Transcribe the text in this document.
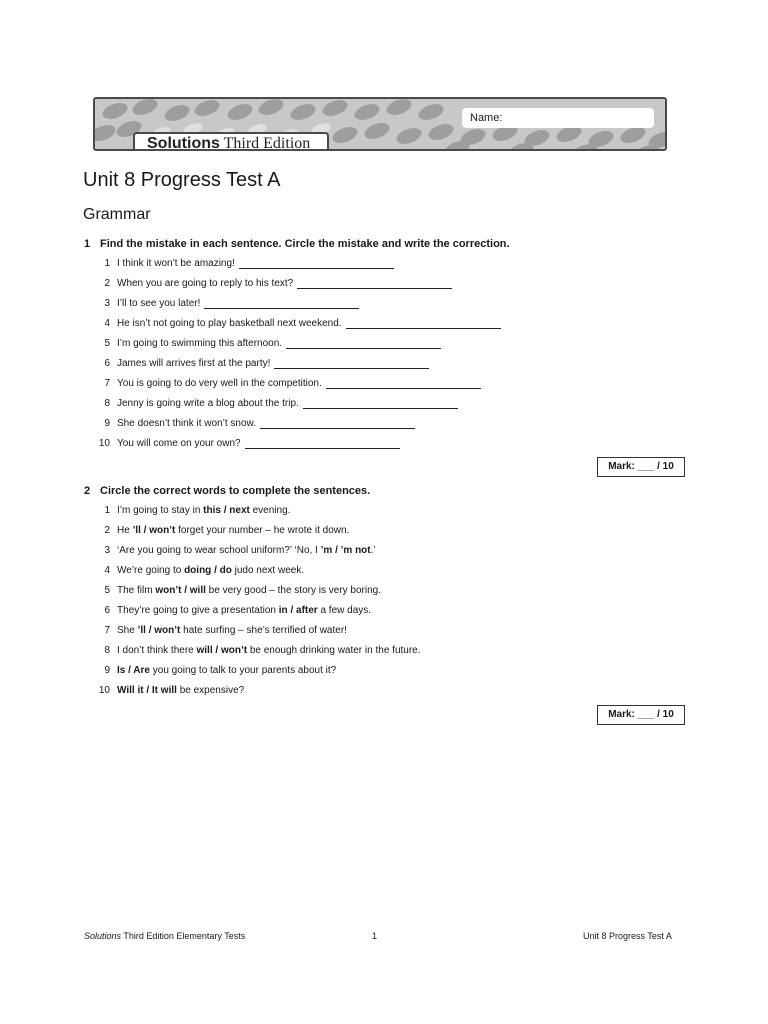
Name:
Solutions Third Edition
Unit 8 Progress Test A
Grammar

1 Find the mistake in each sentence. Circle the mistake and write the correction.

1 I think it won’t be amazing!
2 When you are going to reply to his text?
3 I’ll to see you later!
4 He isn’t not going to play basketball next weekend.
5 I’m going to swimming this afternoon.
6 James will arrives first at the party!
7 You is going to do very well in the competition.
8 Jenny is going write a blog about the trip.
9 She doesn’t think it won’t snow.
10 You will come on your own?
Mark: ___ / 10

2 Circle the correct words to complete the sentences.

1 I’m going to stay in this / next evening.
2 He ’ll / won’t forget your number – he wrote it down.
3 ‘Are you going to wear school uniform?’ ‘No, I ’m / ’m not.’
4 We’re going to doing / do judo next week.
5 The film won’t / will be very good – the story is very boring.
6 They’re going to give a presentation in / after a few days.
7 She ’ll / won’t hate surfing – she’s terrified of water!
8 I don’t think there will / won’t be enough drinking water in the future.
9 Is / Are you going to talk to your parents about it?
10 Will it / It will be expensive?
Mark: ___ / 10
Solutions Third Edition Elementary Tests	1	Unit 8 Progress Test A
